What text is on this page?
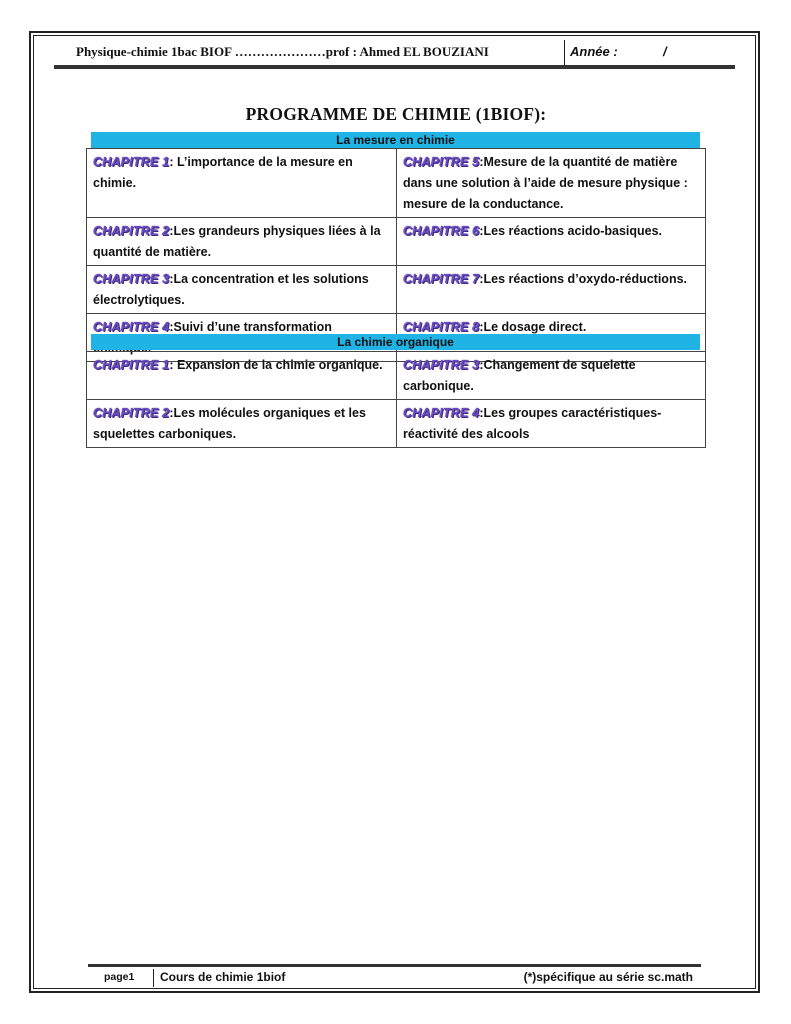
Physique-chimie 1bac BIOF …………………prof : Ahmed EL BOUZIANI	Année :	/
PROGRAMME DE CHIMIE (1BIOF):
La mesure en chimie
CHAPITRE 1: L’importance de la mesure en chimie.	CHAPITRE 5:Mesure de la quantité de matière dans une solution à l’aide de mesure physique : mesure de la conductance.
CHAPITRE 2:Les grandeurs physiques liées à la quantité de matière.	CHAPITRE 6:Les réactions acido-basiques.
CHAPITRE 3:La concentration et les solutions électrolytiques.	CHAPITRE 7:Les réactions d’oxydo-réductions.
CHAPITRE 4:Suivi d’une transformation	CHAPITRE 8:Le dosage direct.
La chimie organique
CHAPITRE 1: Expansion de la chimie organique.	CHAPITRE 3:Changement de squelette carbonique.
CHAPITRE 2:Les molécules organiques et les squelettes carboniques.	CHAPITRE 4:Les groupes caractéristiques-réactivité des alcools
page1 Cours de chimie 1biof	(*)spécifique au série sc.math
